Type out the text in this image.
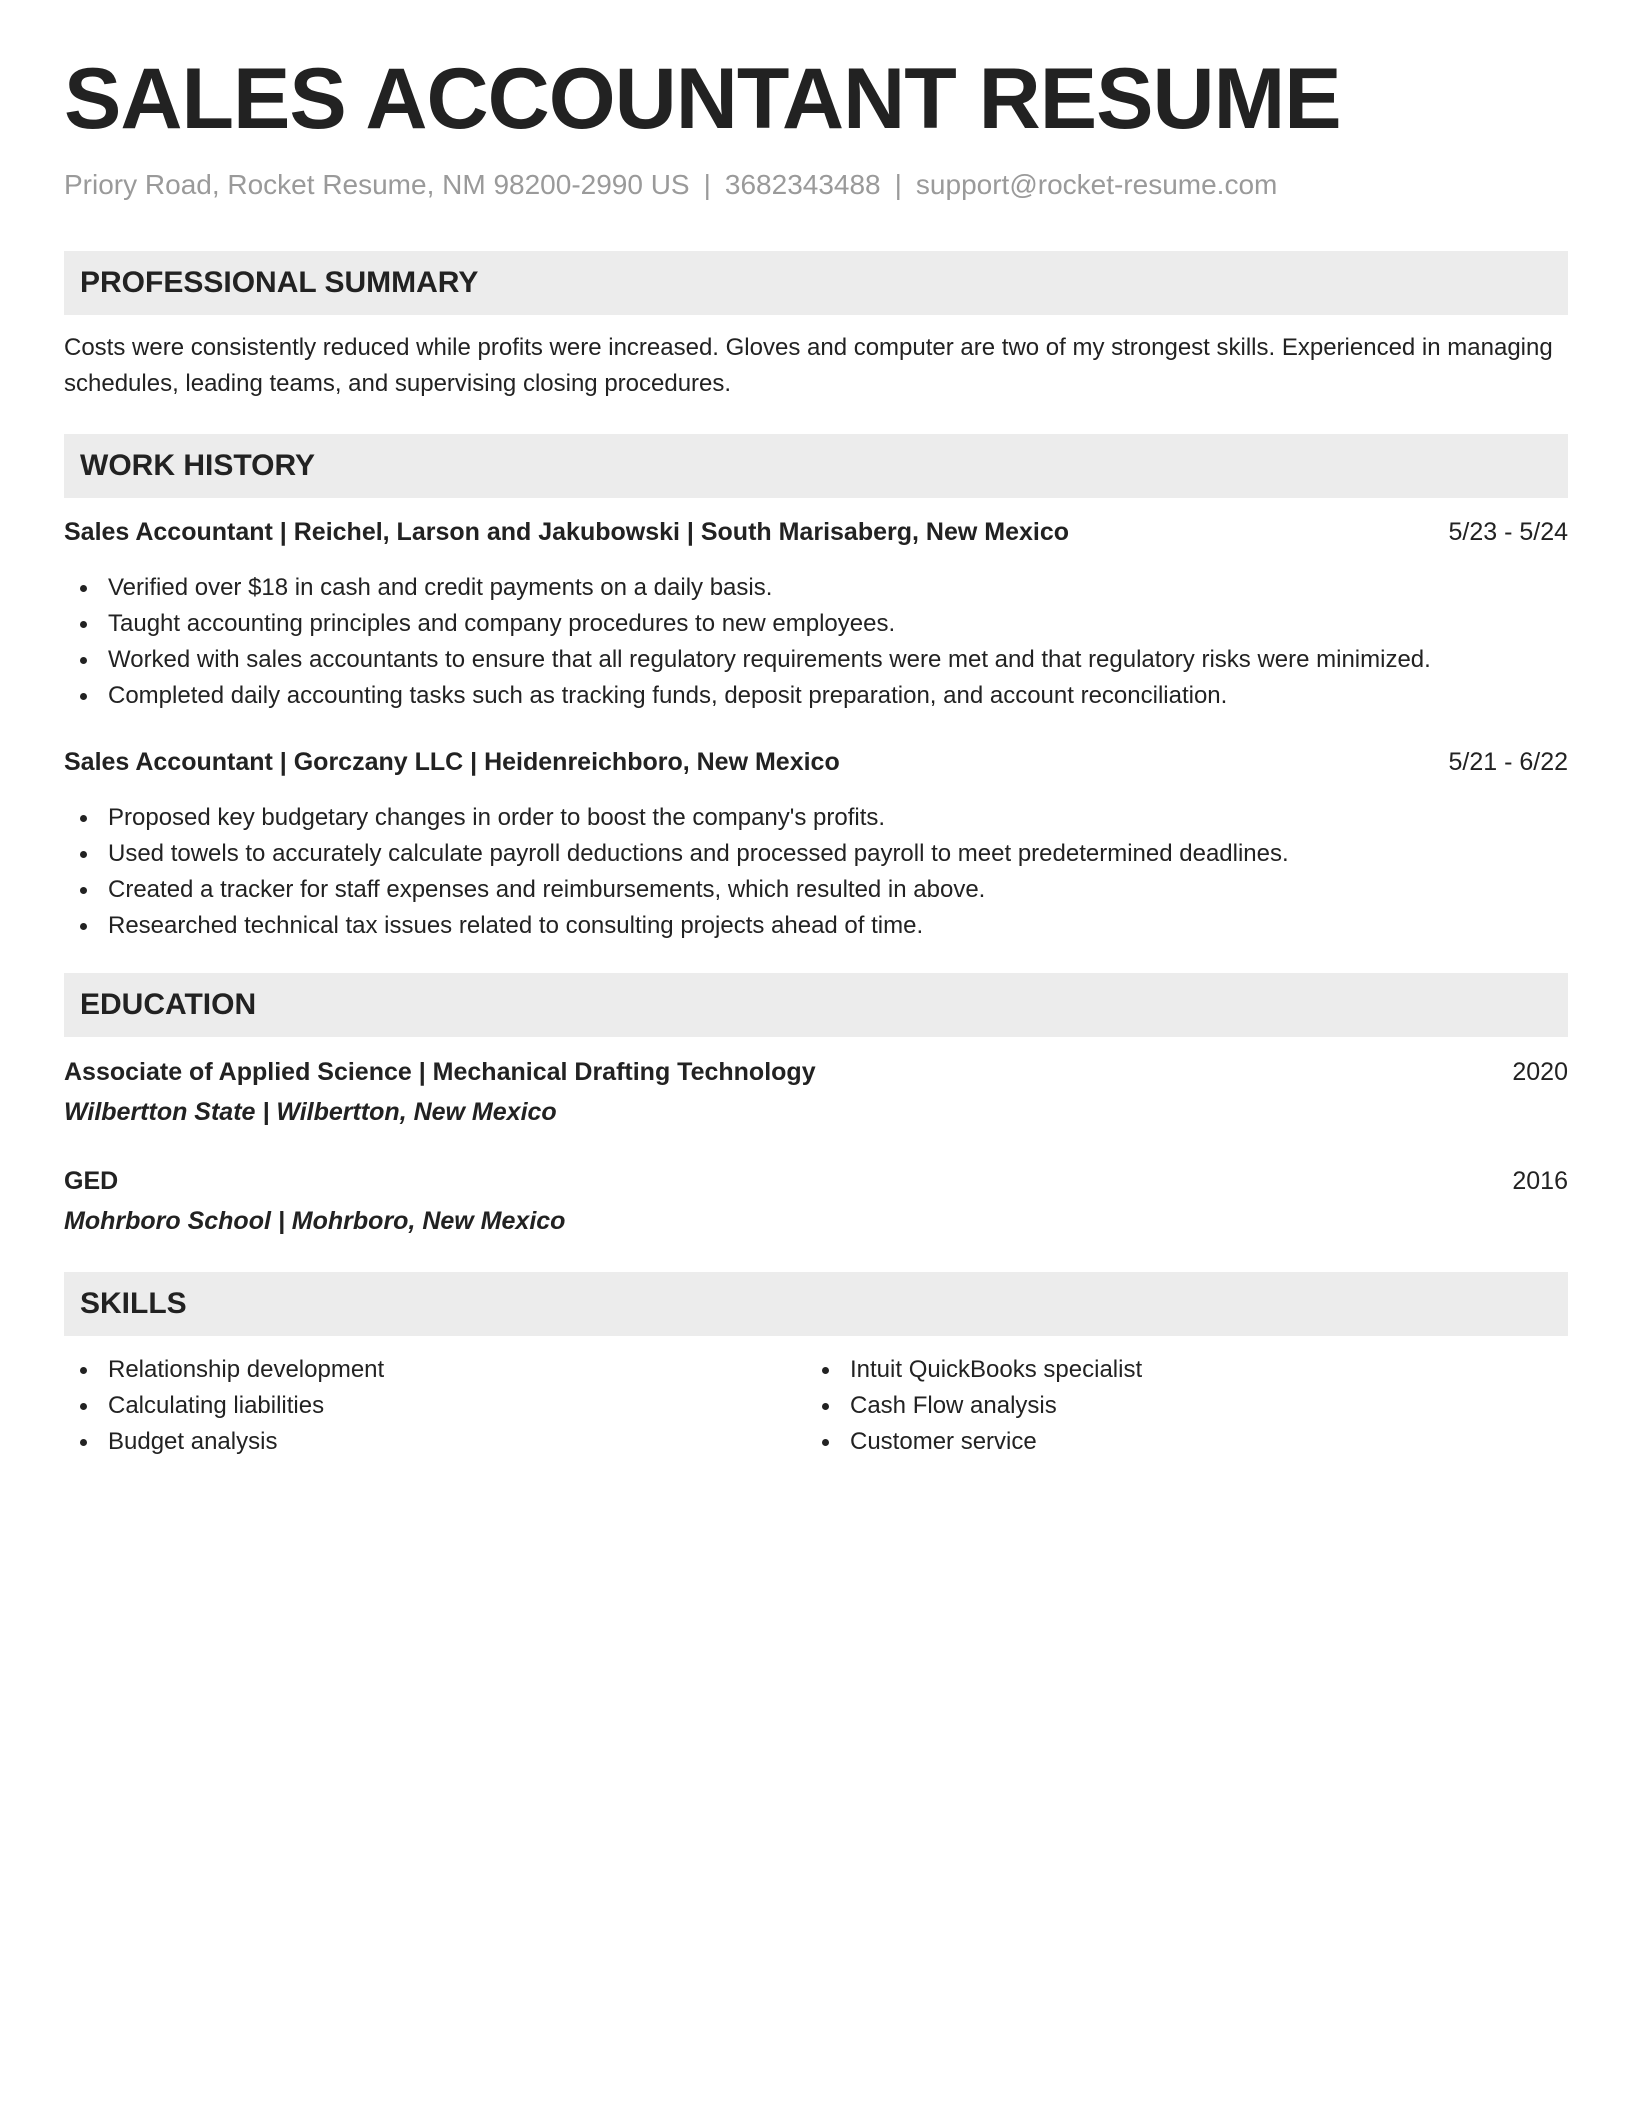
SALES ACCOUNTANT RESUME
Priory Road, Rocket Resume, NM 98200-2990 US | 3682343488 | support@rocket-resume.com
PROFESSIONAL SUMMARY
Costs were consistently reduced while profits were increased. Gloves and computer are two of my strongest skills. Experienced in managing schedules, leading teams, and supervising closing procedures.
WORK HISTORY
Sales Accountant | Reichel, Larson and Jakubowski | South Marisaberg, New Mexico	5/23 - 5/24
Verified over $18 in cash and credit payments on a daily basis.
Taught accounting principles and company procedures to new employees.
Worked with sales accountants to ensure that all regulatory requirements were met and that regulatory risks were minimized.
Completed daily accounting tasks such as tracking funds, deposit preparation, and account reconciliation.
Sales Accountant | Gorczany LLC | Heidenreichboro, New Mexico	5/21 - 6/22
Proposed key budgetary changes in order to boost the company's profits.
Used towels to accurately calculate payroll deductions and processed payroll to meet predetermined deadlines.
Created a tracker for staff expenses and reimbursements, which resulted in above.
Researched technical tax issues related to consulting projects ahead of time.
EDUCATION
Associate of Applied Science | Mechanical Drafting Technology	2020
Wilbertton State | Wilbertton, New Mexico
GED	2016
Mohrboro School | Mohrboro, New Mexico
SKILLS
Relationship development
Calculating liabilities
Budget analysis
Intuit QuickBooks specialist
Cash Flow analysis
Customer service
